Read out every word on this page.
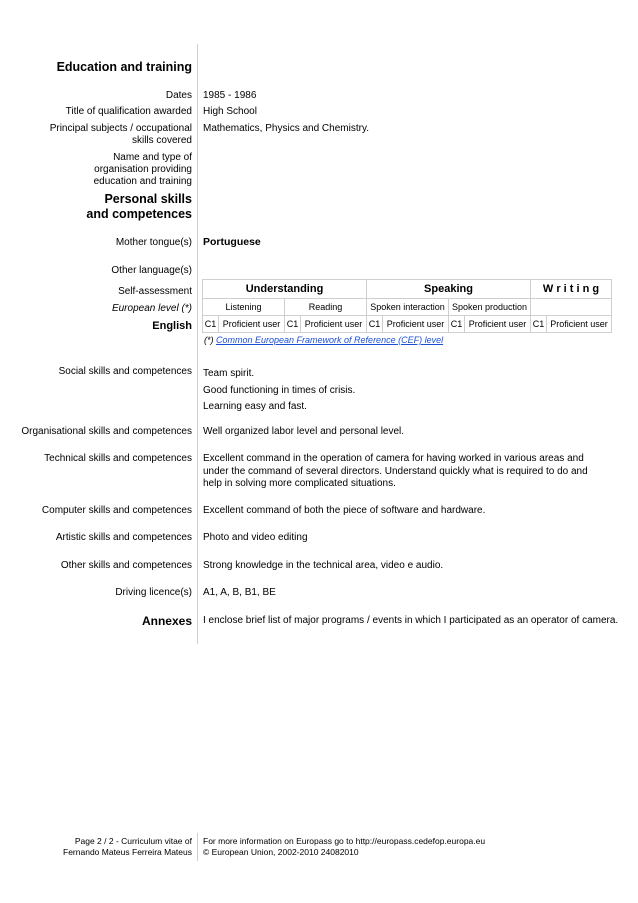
Education and training
Dates 1985 - 1986
Title of qualification awarded High School
Principal subjects / occupational skills covered
Mathematics, Physics and Chemistry.
Name and type of organisation providing education and training
Personal skills and competences
Mother tongue(s) Portuguese
Other language(s)
Self-assessment
European level (*)
English
Understanding				Speaking				W r i t i n g	
Listening		Reading		Spoken interaction		Spoken production			
C1	Proficient user	C1	Proficient user	C1	Proficient user	C1	Proficient user	C1	Proficient user
(*) Common European Framework of Reference (CEF) level
Social skills and competences Team spirit.
Good functioning in times of crisis.
Learning easy and fast.
Organisational skills and competences Well organized labor level and personal level.
Technical skills and competences Excellent command in the operation of camera for having worked in various areas and under the command of several directors. Understand quickly what is required to do and help in solving more complicated situations.
Computer skills and competences Excellent command of both the piece of software and hardware.
Artistic skills and competences Photo and video editing
Other skills and competences Strong knowledge in the technical area, video e audio.
Driving licence(s) A1, A, B, B1, BE
Annexes I enclose brief list of major programs / events in which I participated as an operator of camera.
Page 2 / 2 - Curriculum vitae of
Fernando Mateus Ferreira Mateus
For more information on Europass go to http://europass.cedefop.europa.eu
© European Union, 2002-2010 24082010
